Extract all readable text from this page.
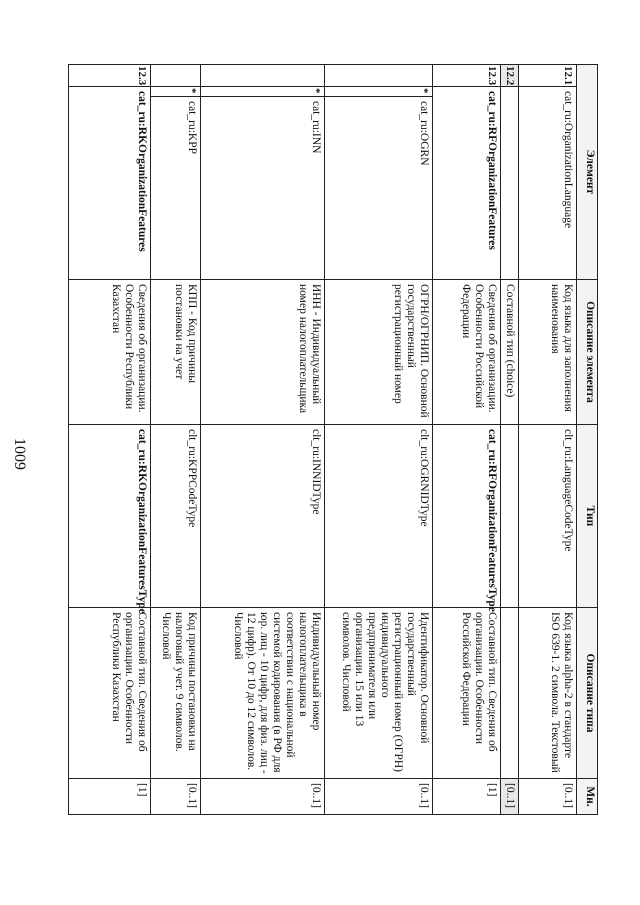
1009
Элемент			Описание элемента	Тип	Описание типа	Мн.
12.1	cat_ru:OrganizationLanguage		Код языка для заполнения наименования	clt_ru:LanguageCodeType	Код языка alpha-2 в стандарте ISO 639-1. 2 символа. Текстовый	[0..1]
12.2			Составной тип (choice)			[0..1]
12.3	cat_ru:RFOrganizationFeatures		Сведения об организации. Особенности Российской Федерации	cat_ru:RFOrganizationFeaturesType	Составной тип. Сведения об организации. Особенности Российской Федерации	[1]
	*	cat_ru:OGRN	ОГРН/ОГРНИП. Основной государственный регистрационный номер	clt_ru:OGRNIDType	Идентификатор. Основной государственный регистрационный номер (ОГРН) индивидуального предпринимателя или организации. 15 или 13 символов. Числовой	[0..1]
	*	cat_ru:INN	ИНН - Индивидуальный номер налогоплательщика	clt_ru:INNIDType	Индивидуальный номер налогоплательщика в соответствии с национальной системой кодирования (в РФ для юр. лиц - 10 цифр, для физ. лиц - 12 цифр). От 10 до 12 символов. Числовой	[0..1]
	*	cat_ru:KPP	КПП - Код причины постановки на учет	clt_ru:KPPCodeType	Код причины постановки на налоговый учет. 9 символов. Числовой	[0..1]
12.3	cat_ru:RKOrganizationFeatures		Сведения об организации. Особенности Республики Казахстан	cat_ru:RKOrganizationFeaturesType	Составной тип. Сведения об организации. Особенности Республики Казахстан	[1]
